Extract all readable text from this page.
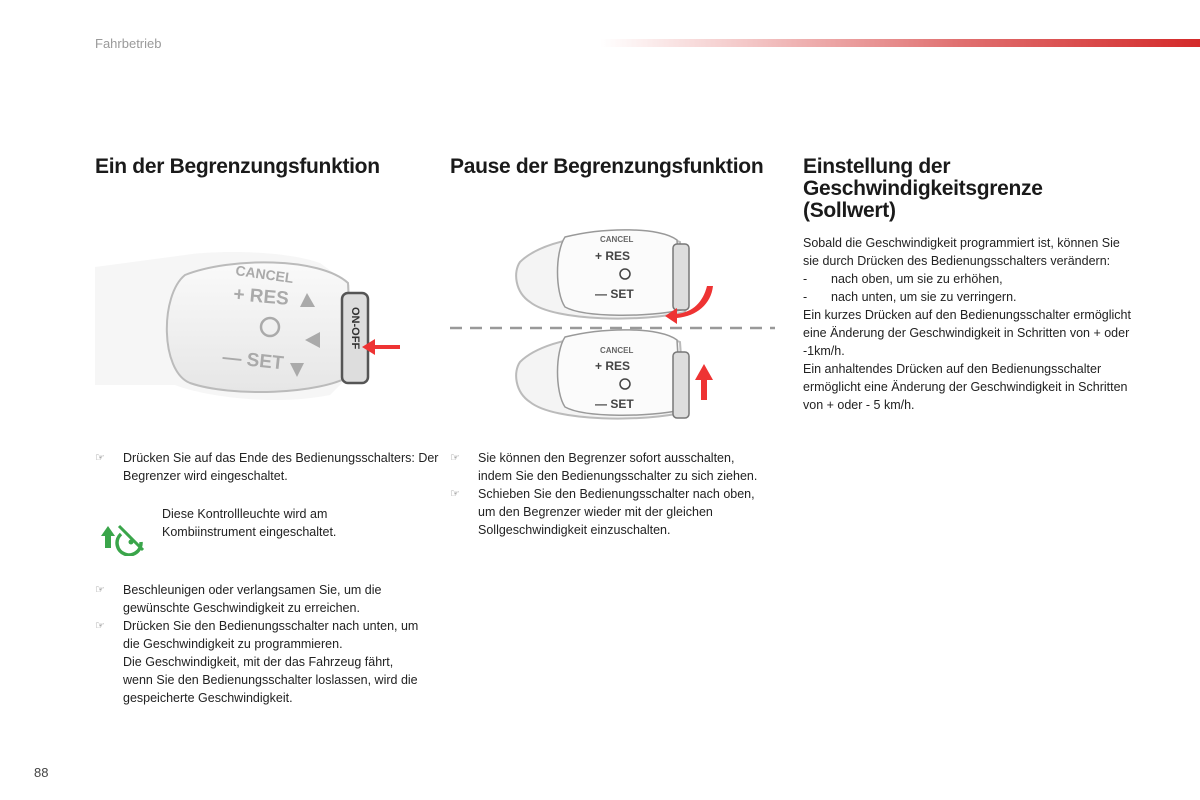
Fahrbetrieb
Ein der Begrenzungsfunktion
CANCEL
+ RES
— SET
ON-OFF
☞ Drücken Sie auf das Ende des Bedienungsschalters: Der Begrenzer wird eingeschaltet.
Diese Kontrollleuchte wird am Kombiinstrument eingeschaltet.
☞ Beschleunigen oder verlangsamen Sie, um die gewünschte Geschwindigkeit zu erreichen.
☞ Drücken Sie den Bedienungsschalter nach unten, um die Geschwindigkeit zu programmieren.
Die Geschwindigkeit, mit der das Fahrzeug fährt, wenn Sie den Bedienungsschalter loslassen, wird die gespeicherte Geschwindigkeit.
Pause der Begrenzungsfunktion
CANCEL
+ RES
— SET
CANCEL
+ RES
— SET
☞ Sie können den Begrenzer sofort ausschalten, indem Sie den Bedienungsschalter zu sich ziehen.
☞ Schieben Sie den Bedienungsschalter nach oben, um den Begrenzer wieder mit der gleichen Sollgeschwindigkeit einzuschalten.
Einstellung der
Geschwindigkeitsgrenze (Sollwert)
Sobald die Geschwindigkeit programmiert ist, können Sie sie durch Drücken des Bedienungsschalters verändern:
- nach oben, um sie zu erhöhen,
- nach unten, um sie zu verringern.
Ein kurzes Drücken auf den Bedienungsschalter ermöglicht eine Änderung der Geschwindigkeit in Schritten von + oder -1km/h.
Ein anhaltendes Drücken auf den Bedienungsschalter ermöglicht eine Änderung der Geschwindigkeit in Schritten von + oder - 5 km/h.
88
